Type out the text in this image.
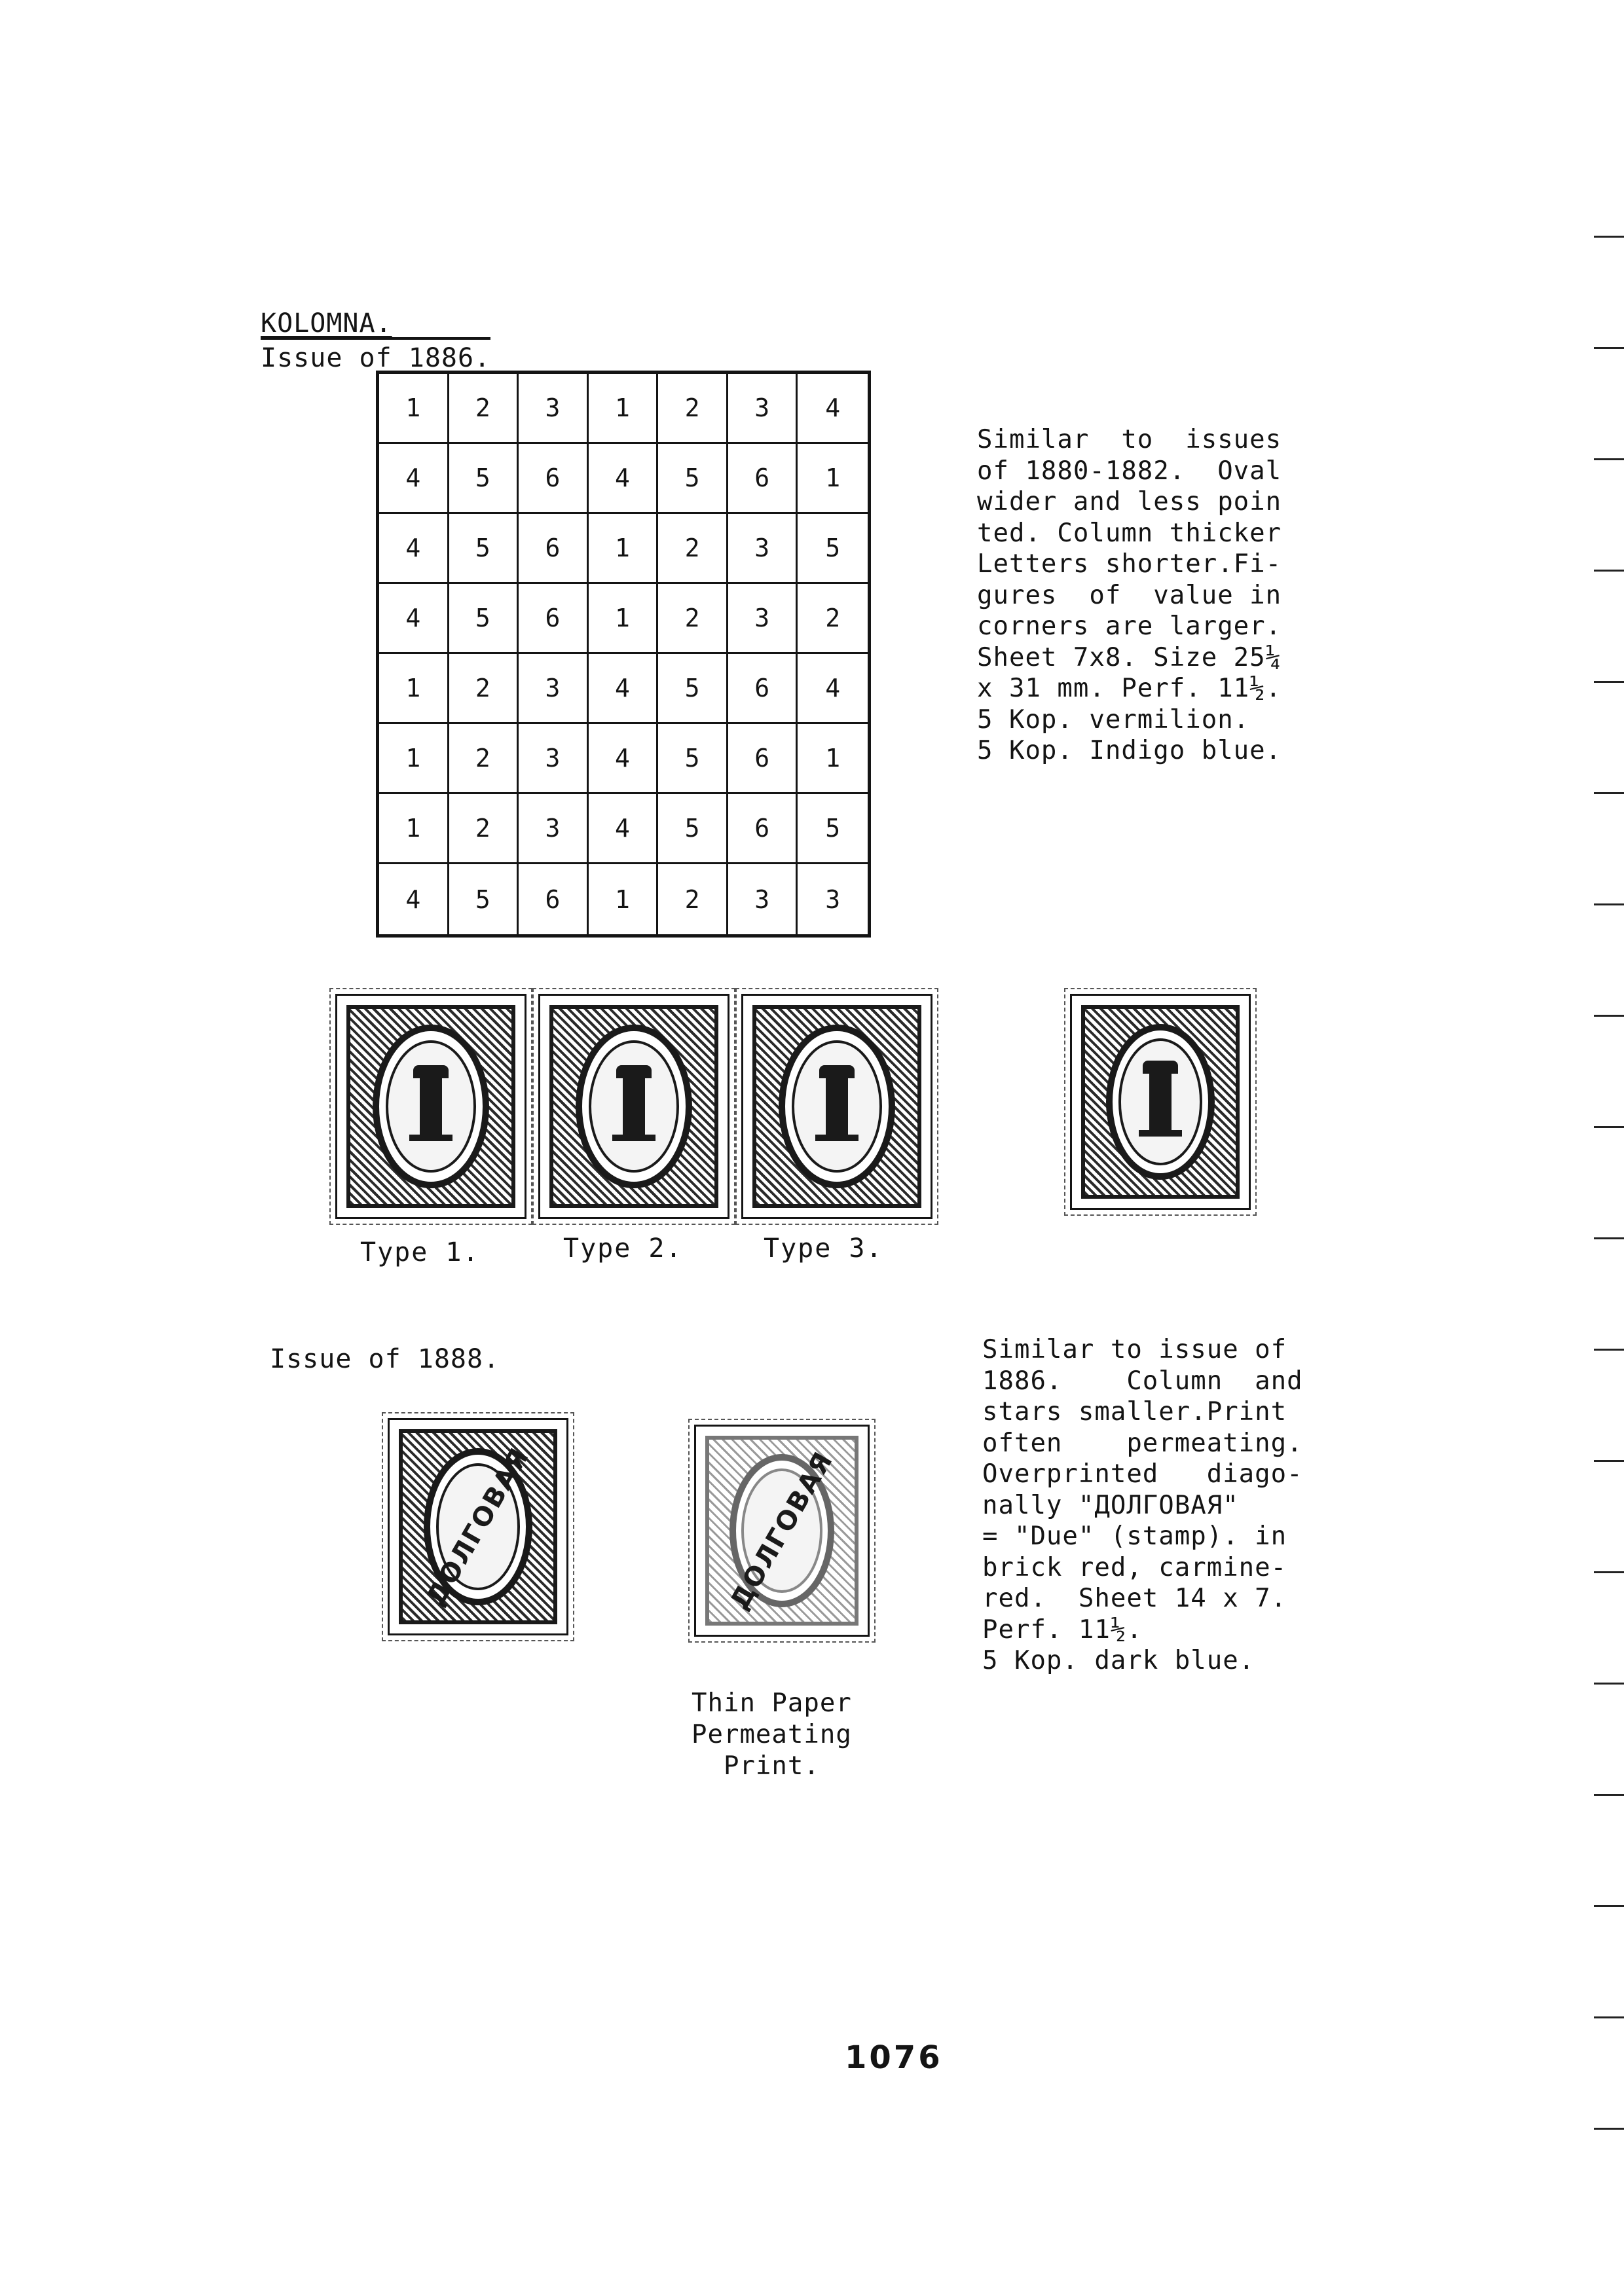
KOLOMNA.
Issue of 1886.
1	2	3	1	2	3	4
4	5	6	4	5	6	1
4	5	6	1	2	3	5
4	5	6	1	2	3	2
1	2	3	4	5	6	4
1	2	3	4	5	6	1
1	2	3	4	5	6	5
4	5	6	1	2	3	3
Similar  to  issues
of 1880-1882.  Oval
wider and less poin
ted. Column thicker
Letters shorter.Fi-
gures  of  value in
corners are larger.
Sheet 7x8. Size 25¼
x 31 mm. Perf. 11½.
5 Kop. vermilion.
5 Kop. Indigo blue.
Type 1.	Type 2.	Type 3.
Issue of 1888.	Similar to issue of
1886.    Column  and
stars smaller.Print
often    permeating.
Overprinted   diago-
nally "ДОЛГОВАЯ"
= "Due" (stamp). in
brick red, carmine-
red.  Sheet 14 x 7.
Perf. 11½.
5 Kop. dark blue.
ДОЛГОВАЯ	ДОЛГОВАЯ
Thin Paper
Permeating
Print.
1076
